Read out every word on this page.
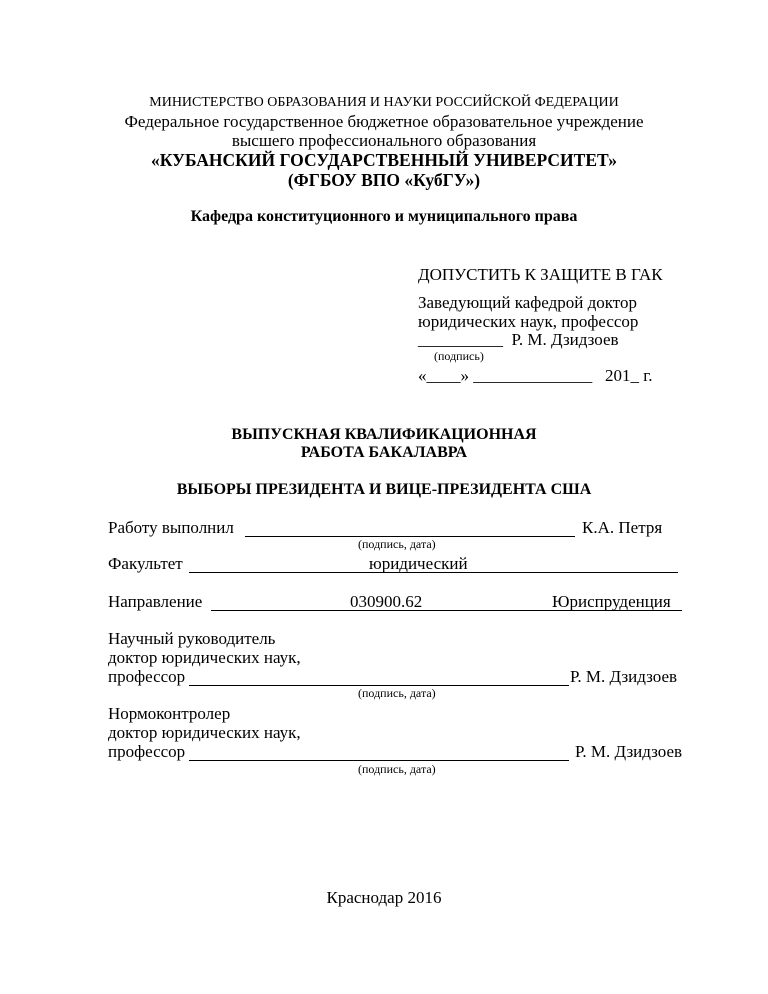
МИНИСТЕРСТВО ОБРАЗОВАНИЯ И НАУКИ РОССИЙСКОЙ ФЕДЕРАЦИИ
Федеральное государственное бюджетное образовательное учреждение
высшего профессионального образования
«КУБАНСКИЙ ГОСУДАРСТВЕННЫЙ УНИВЕРСИТЕТ»
(ФГБОУ ВПО «КубГУ»)
Кафедра конституционного и муниципального права
ДОПУСТИТЬ К ЗАЩИТЕ В ГАК
Заведующий кафедрой доктор
юридических наук, профессор
__________ Р. М. Дзидзоев
(подпись)
«____» ______________ 201_ г.
ВЫПУСКНАЯ КВАЛИФИКАЦИОННАЯ
РАБОТА БАКАЛАВРА
ВЫБОРЫ ПРЕЗИДЕНТА И ВИЦЕ-ПРЕЗИДЕНТА США
Работу выполнил	К.А. Петря
(подпись, дата)
Факультет	юридический
Направление	030900.62	Юриспруденция
Научный руководитель
доктор юридических наук,
профессор	Р. М. Дзидзоев
(подпись, дата)
Нормоконтролер
доктор юридических наук,
профессор	Р. М. Дзидзоев
(подпись, дата)
Краснодар 2016
